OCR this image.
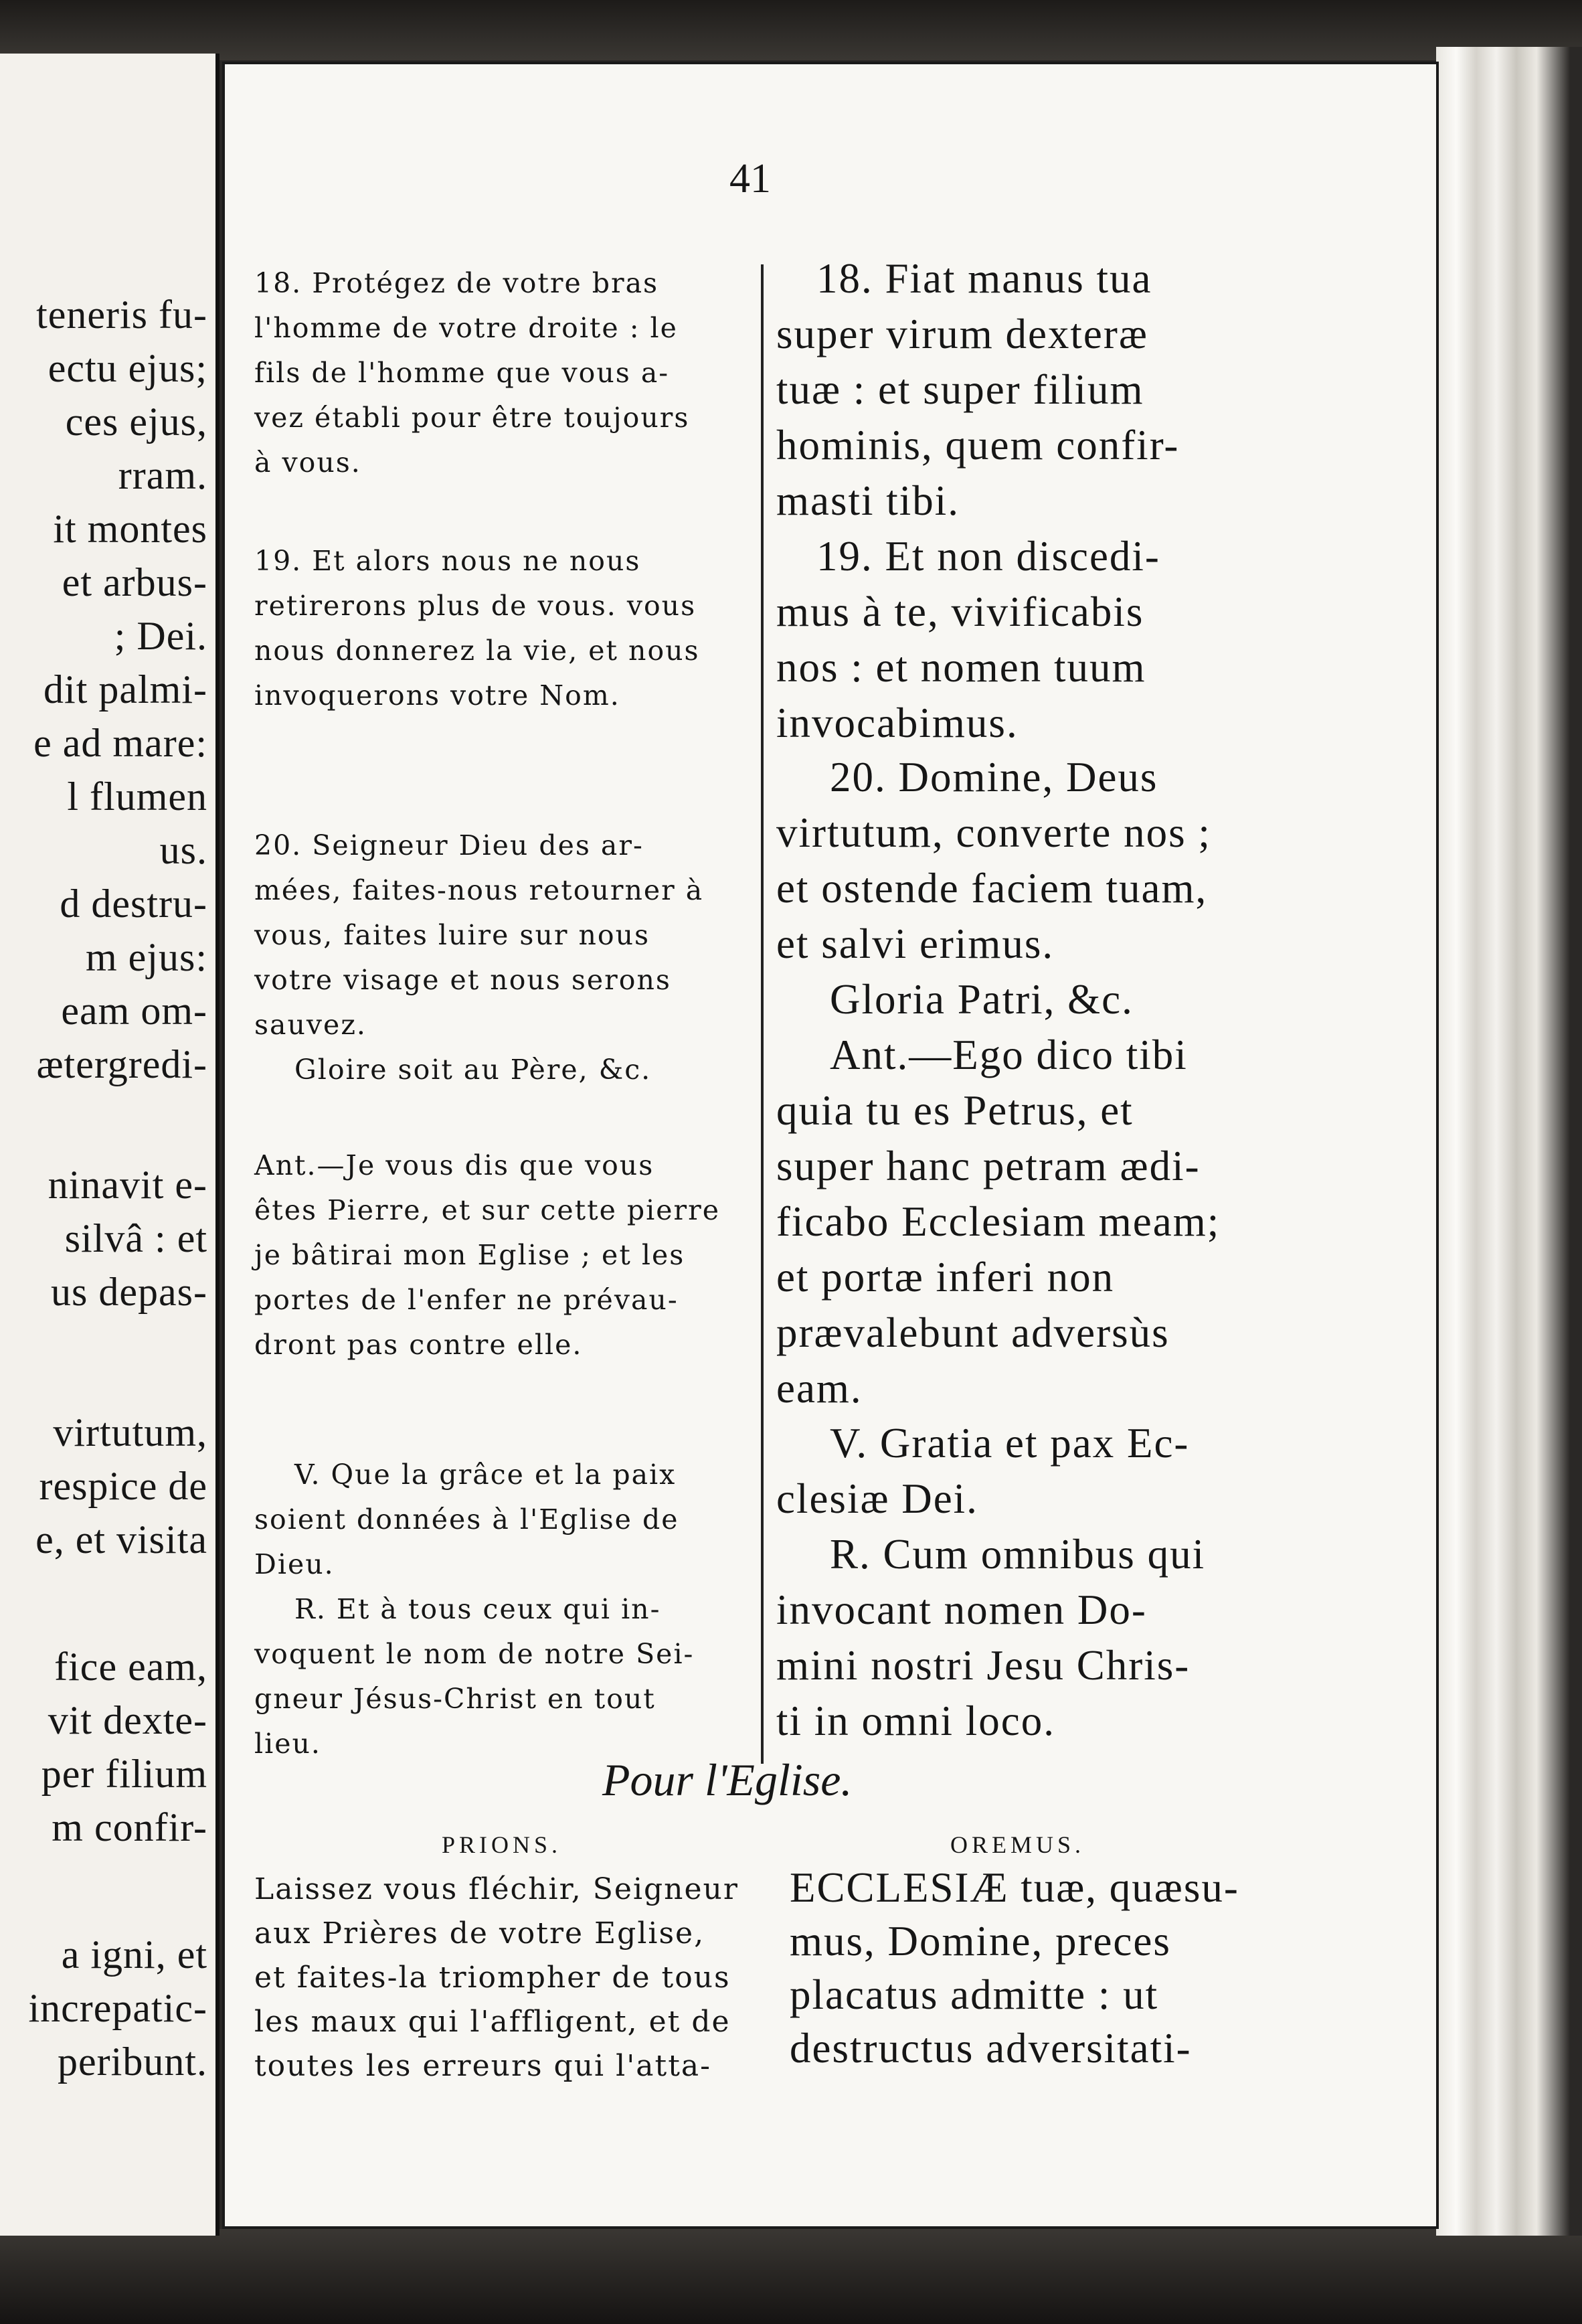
teneris fu-
ectu ejus;
ces ejus,
rram.
it montes
et arbus-
; Dei.
dit palmi-
e ad mare:
l flumen
us.
d destru-
m ejus:
eam om-
ætergredi-
ninavit e-
silvâ : et
us depas-
virtutum,
respice de
e, et visita
fice eam,
vit dexte-
per filium
m confir-
a igni, et
increpatic-
peribunt.
41

18. Protégez de votre bras
l'homme de votre droite : le
fils de l'homme que vous a-
vez établi pour être toujours
à vous.

19. Et alors nous ne nous
retirerons plus de vous. vous
nous donnerez la vie, et nous
invoquerons votre Nom.

20. Seigneur Dieu des ar-
mées, faites-nous retourner à
vous, faites luire sur nous
votre visage et nous serons
sauvez.
Gloire soit au Père, &c.

Ant.—Je vous dis que vous
êtes Pierre, et sur cette pierre
je bâtirai mon Eglise ; et les
portes de l'enfer ne prévau-
dront pas contre elle.

V. Que la grâce et la paix
soient données à l'Eglise de
Dieu.
R. Et à tous ceux qui in-
voquent le nom de notre Sei-
gneur Jésus-Christ en tout
lieu.

18. Fiat manus tua
super virum dexteræ
tuæ : et super filium
hominis, quem confir-
masti tibi.

19. Et non discedi-
mus à te, vivificabis
nos : et nomen tuum
invocabimus.

20. Domine, Deus
virtutum, converte nos ;
et ostende faciem tuam,
et salvi erimus.
Gloria Patri, &c.

Ant.—Ego dico tibi
quia tu es Petrus, et
super hanc petram ædi-
ficabo Ecclesiam meam;
et portæ inferi non
prævalebunt adversùs
eam.

V. Gratia et pax Ec-
clesiæ Dei.
R. Cum omnibus qui
invocant nomen Do-
mini nostri Jesu Chris-
ti in omni loco.

Pour l'Eglise.
PRIONS.	OREMUS.

Laissez vous fléchir, Seigneur
aux Prières de votre Eglise,
et faites-la triompher de tous
les maux qui l'affligent, et de
toutes les erreurs qui l'atta-

ECCLESIÆ tuæ, quæsu-
mus, Domine, preces
placatus admitte : ut
destructus adversitati-
